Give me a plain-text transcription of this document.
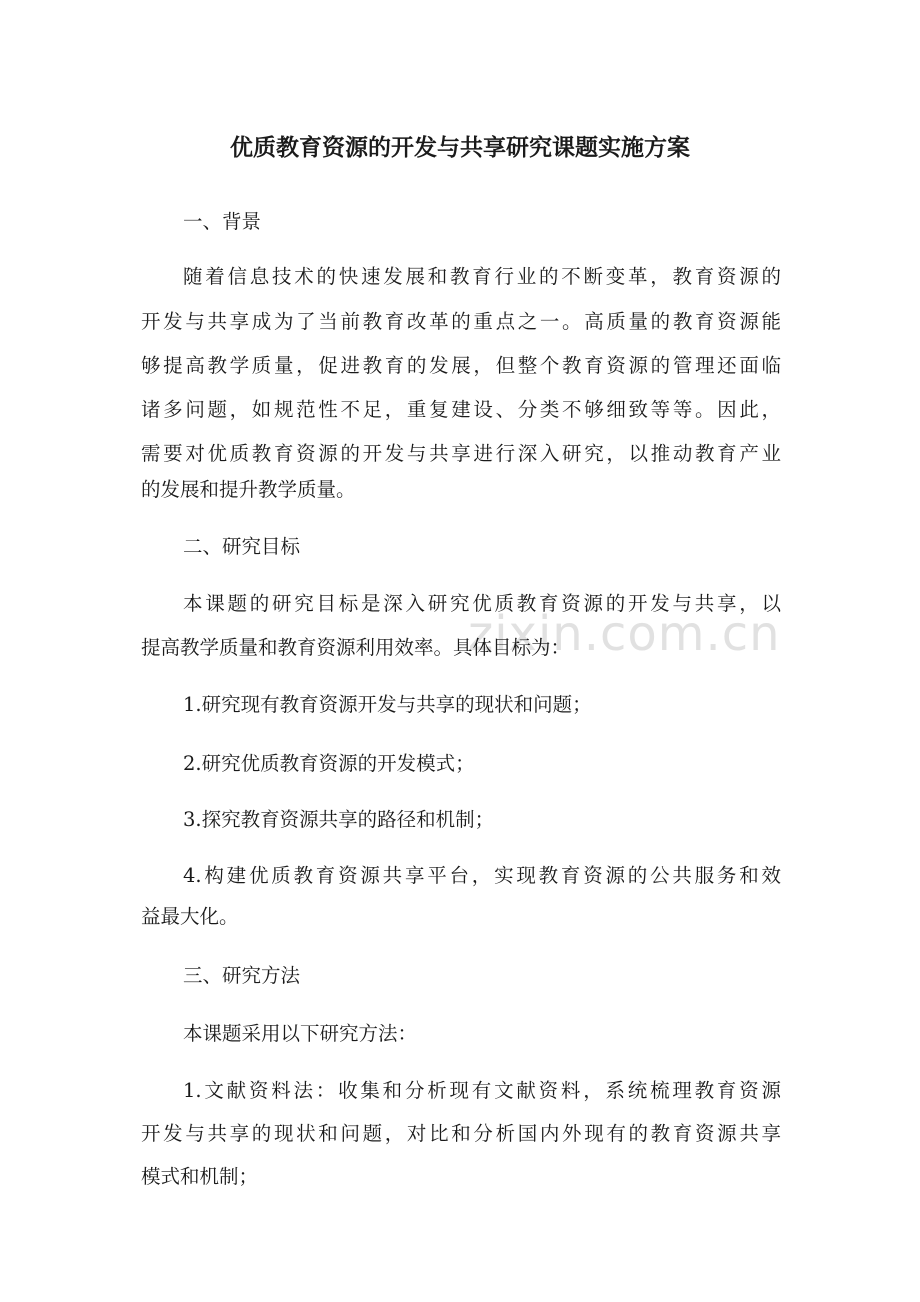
zixin.com.cn
优质教育资源的开发与共享研究课题实施方案
一、背景
随着信息技术的快速发展和教育行业的不断变革，教育资源的
开发与共享成为了当前教育改革的重点之一。高质量的教育资源能
够提高教学质量，促进教育的发展，但整个教育资源的管理还面临
诸多问题，如规范性不足，重复建设、分类不够细致等等。因此，
需要对优质教育资源的开发与共享进行深入研究，以推动教育产业
的发展和提升教学质量。
二、研究目标
本课题的研究目标是深入研究优质教育资源的开发与共享，以
提高教学质量和教育资源利用效率。具体目标为：
1.研究现有教育资源开发与共享的现状和问题；
2.研究优质教育资源的开发模式；
3.探究教育资源共享的路径和机制；
4.构建优质教育资源共享平台，实现教育资源的公共服务和效
益最大化。
三、研究方法
本课题采用以下研究方法：
1.文献资料法：收集和分析现有文献资料，系统梳理教育资源
开发与共享的现状和问题，对比和分析国内外现有的教育资源共享
模式和机制；
